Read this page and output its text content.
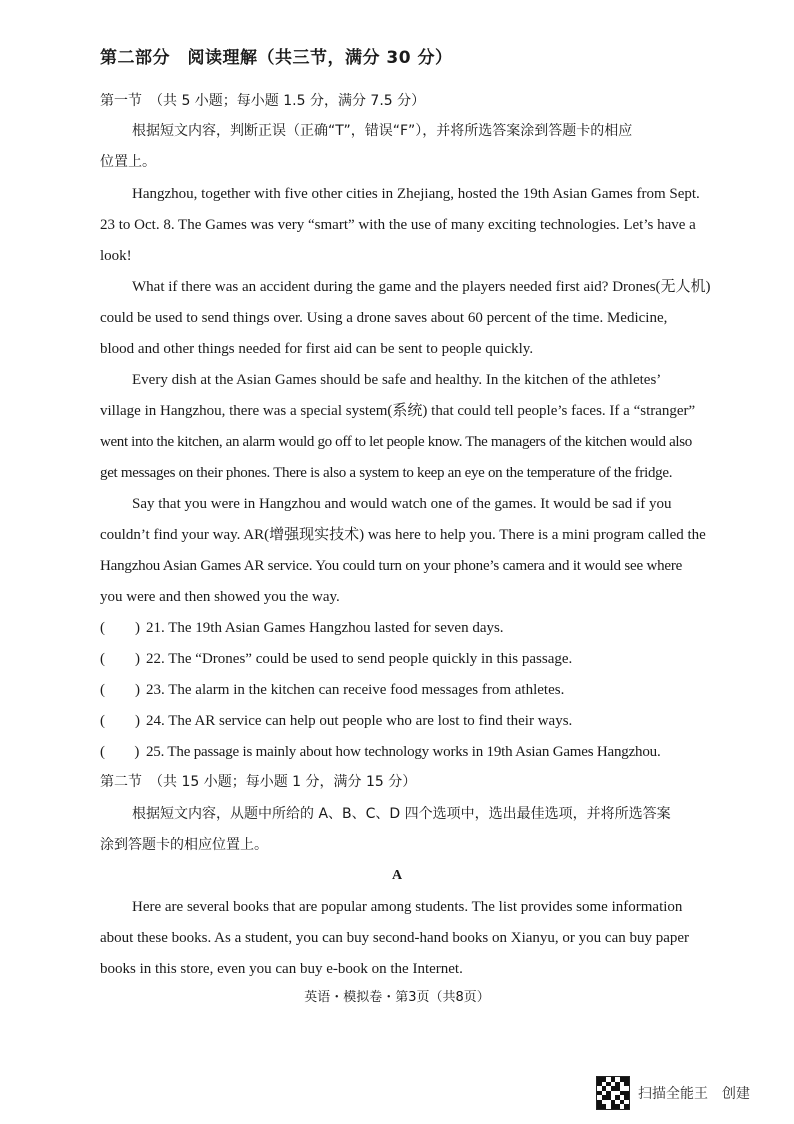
第二部分　阅读理解（共三节，满分 30 分）
第一节　（共 5 小题；每小题 1.5 分，满分 7.5 分）
根据短文内容，判断正误（正确“T”，错误“F”），并将所选答案涂到答题卡的相应
位置上。
Hangzhou, together with five other cities in Zhejiang, hosted the 19th Asian Games from Sept.
23 to Oct. 8. The Games was very “smart” with the use of many exciting technologies. Let’s have a
look!
What if there was an accident during the game and the players needed first aid? Drones(无人机)
could be used to send things over. Using a drone saves about 60 percent of the time. Medicine,
blood and other things needed for first aid can be sent to people quickly.
Every dish at the Asian Games should be safe and healthy. In the kitchen of the athletes’
village in Hangzhou, there was a special system(系统) that could tell people’s faces. If a “stranger”
went into the kitchen, an alarm would go off to let people know. The managers of the kitchen would also
get messages on their phones. There is also a system to keep an eye on the temperature of the fridge.
Say that you were in Hangzhou and would watch one of the games. It would be sad if you
couldn’t find your way. AR(增强现实技术) was here to help you. There is a mini program called the
Hangzhou Asian Games AR service. You could turn on your phone’s camera and it would see where
you were and then showed you the way.
(　　) 21. The 19th Asian Games Hangzhou lasted for seven days.
(　　) 22. The “Drones” could be used to send people quickly in this passage.
(　　) 23. The alarm in the kitchen can receive food messages from athletes.
(　　) 24. The AR service can help out people who are lost to find their ways.
(　　) 25. The passage is mainly about how technology works in 19th Asian Games Hangzhou.
第二节　（共 15 小题；每小题 1 分，满分 15 分）
根据短文内容，从题中所给的 A、B、C、D 四个选项中，选出最佳选项，并将所选答案
涂到答题卡的相应位置上。
A
Here are several books that are popular among students. The list provides some information
about these books. As a student, you can buy second-hand books on Xianyu, or you can buy paper
books in this store, even you can buy e-book on the Internet.
英语・模拟卷・第3页（共8页）
扫描全能王　创建
